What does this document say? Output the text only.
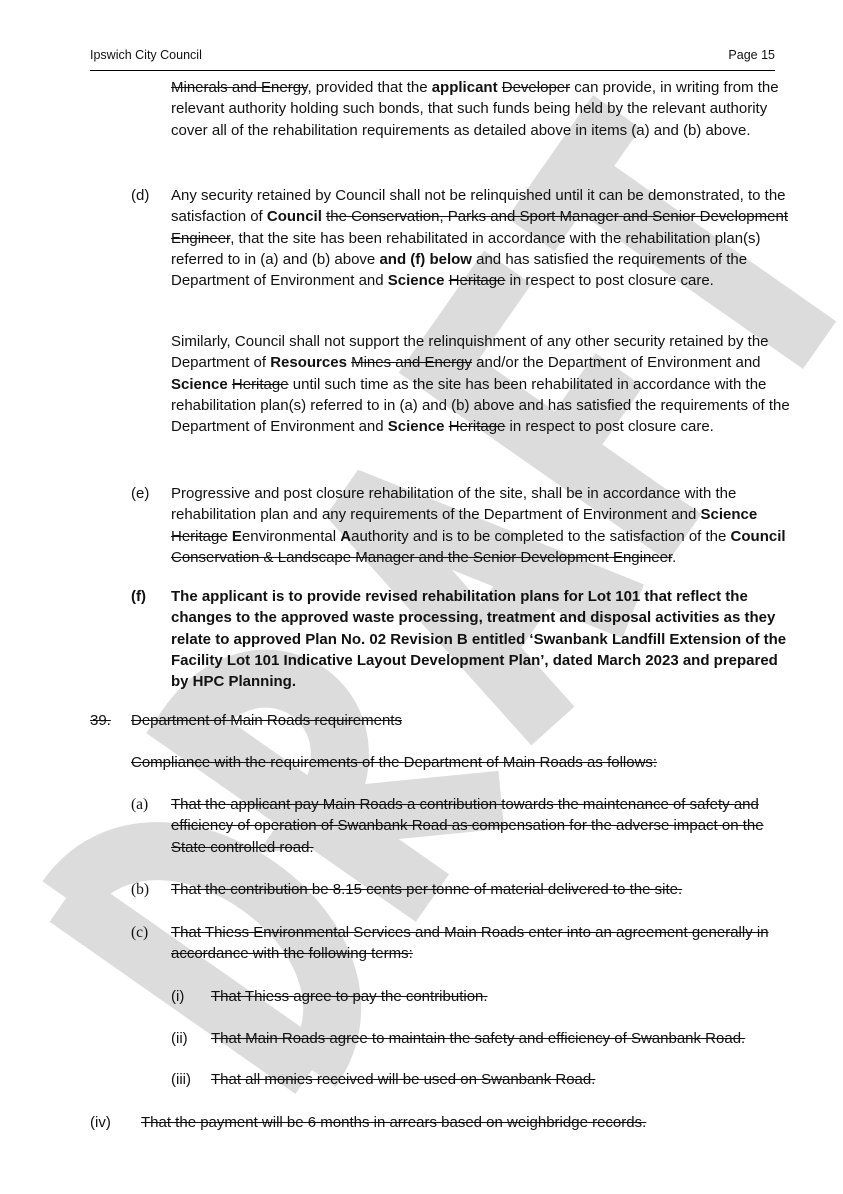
Ipswich City Council	Page 15
Minerals and Energy, provided that the applicant Developer can provide, in writing from the relevant authority holding such bonds, that such funds being held by the relevant authority cover all of the rehabilitation requirements as detailed above in items (a) and (b) above.
(d) Any security retained by Council shall not be relinquished until it can be demonstrated, to the satisfaction of Council the Conservation, Parks and Sport Manager and Senior Development Engineer, that the site has been rehabilitated in accordance with the rehabilitation plan(s) referred to in (a) and (b) above and (f) below and has satisfied the requirements of the Department of Environment and Science Heritage in respect to post closure care.
Similarly, Council shall not support the relinquishment of any other security retained by the Department of Resources Mines and Energy and/or the Department of Environment and Science Heritage until such time as the site has been rehabilitated in accordance with the rehabilitation plan(s) referred to in (a) and (b) above and has satisfied the requirements of the Department of Environment and Science Heritage in respect to post closure care.
(e) Progressive and post closure rehabilitation of the site, shall be in accordance with the rehabilitation plan and any requirements of the Department of Environment and Science Heritage Eenvironmental Aauthority and is to be completed to the satisfaction of the Council Conservation & Landscape Manager and the Senior Development Engineer.
(f) The applicant is to provide revised rehabilitation plans for Lot 101 that reflect the changes to the approved waste processing, treatment and disposal activities as they relate to approved Plan No. 02 Revision B entitled ‘Swanbank Landfill Extension of the Facility Lot 101 Indicative Layout Development Plan’, dated March 2023 and prepared by HPC Planning.
39. Department of Main Roads requirements
Compliance with the requirements of the Department of Main Roads as follows:
(a) That the applicant pay Main Roads a contribution towards the maintenance of safety and efficiency of operation of Swanbank Road as compensation for the adverse impact on the State controlled road.
(b) That the contribution be 8.15 cents per tonne of material delivered to the site.
(c) That Thiess Environmental Services and Main Roads enter into an agreement generally in accordance with the following terms:
(i) That Thiess agree to pay the contribution.
(ii) That Main Roads agree to maintain the safety and efficiency of Swanbank Road.
(iii) That all monies received will be used on Swanbank Road.
(iv) That the payment will be 6 months in arrears based on weighbridge records.
